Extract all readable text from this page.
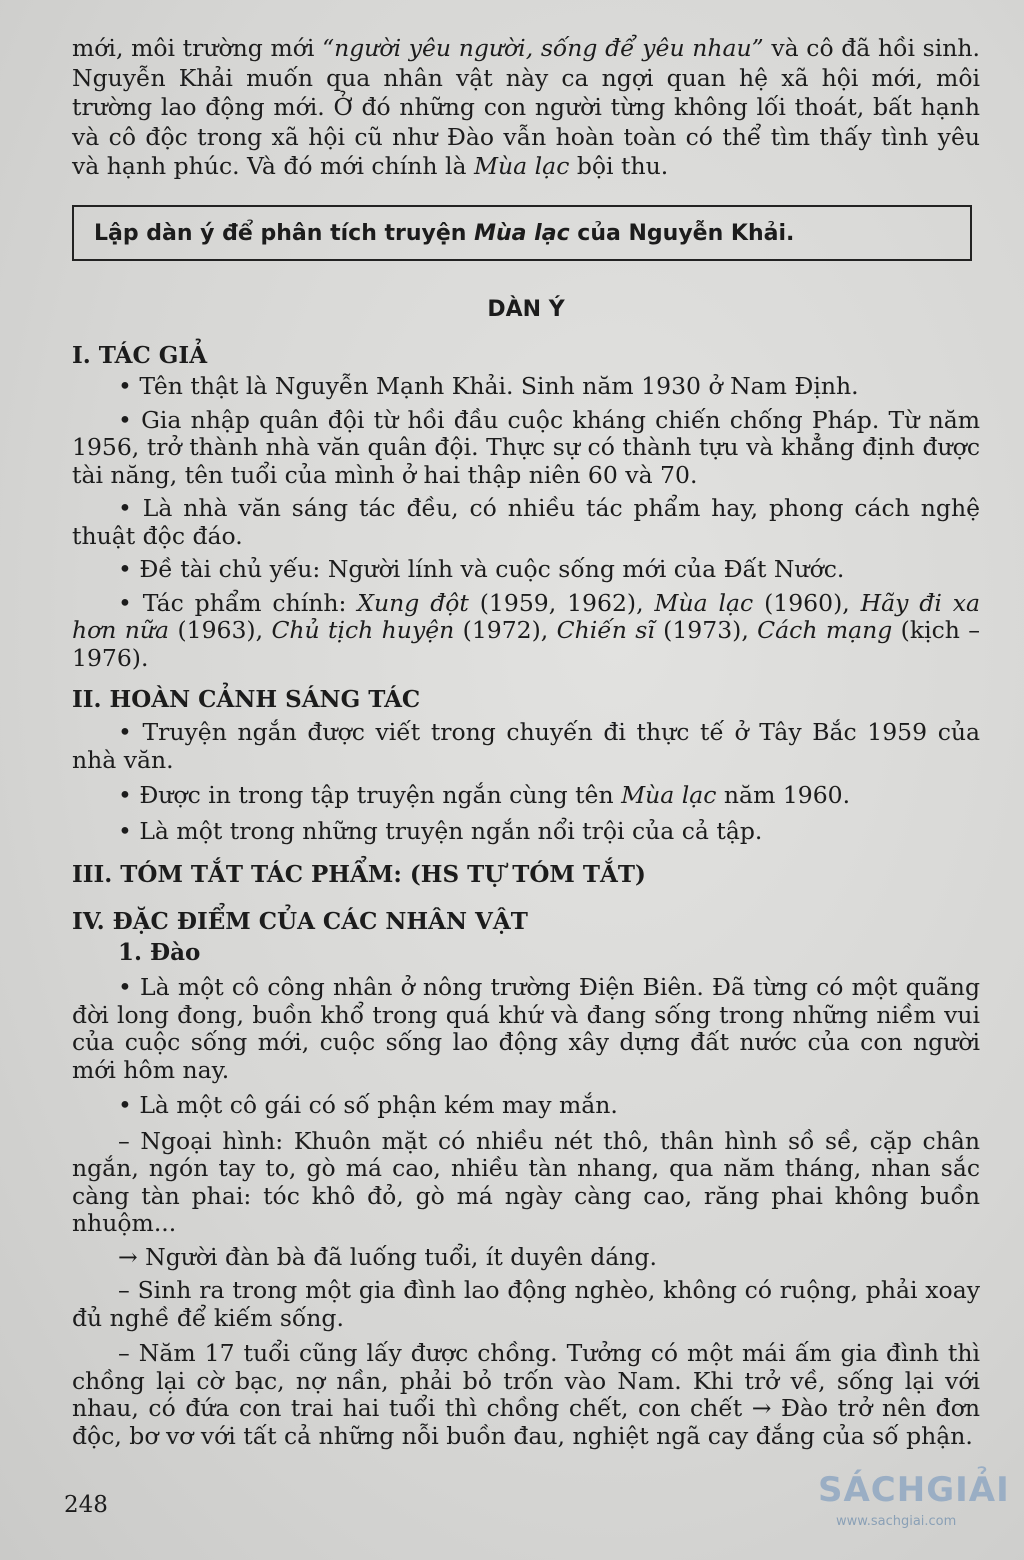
mới, môi trường mới “người yêu người, sống để yêu nhau” và cô đã hồi sinh. Nguyễn Khải muốn qua nhân vật này ca ngợi quan hệ xã hội mới, môi trường lao động mới. Ở đó những con người từng không lối thoát, bất hạnh và cô độc trong xã hội cũ như Đào vẫn hoàn toàn có thể tìm thấy tình yêu và hạnh phúc. Và đó mới chính là Mùa lạc bội thu.

Lập dàn ý để phân tích truyện Mùa lạc của Nguyễn Khải.

DÀN Ý

I. TÁC GIẢ

• Tên thật là Nguyễn Mạnh Khải. Sinh năm 1930 ở Nam Định.

• Gia nhập quân đội từ hồi đầu cuộc kháng chiến chống Pháp. Từ năm 1956, trở thành nhà văn quân đội. Thực sự có thành tựu và khẳng định được tài năng, tên tuổi của mình ở hai thập niên 60 và 70.

• Là nhà văn sáng tác đều, có nhiều tác phẩm hay, phong cách nghệ thuật độc đáo.

• Đề tài chủ yếu: Người lính và cuộc sống mới của Đất Nước.

• Tác phẩm chính: Xung đột (1959, 1962), Mùa lạc (1960), Hãy đi xa hơn nữa (1963), Chủ tịch huyện (1972), Chiến sĩ (1973), Cách mạng (kịch – 1976).

II. HOÀN CẢNH SÁNG TÁC

• Truyện ngắn được viết trong chuyến đi thực tế ở Tây Bắc 1959 của nhà văn.

• Được in trong tập truyện ngắn cùng tên Mùa lạc năm 1960.

• Là một trong những truyện ngắn nổi trội của cả tập.

III. TÓM TẮT TÁC PHẨM: (HS TỰ TÓM TẮT)
IV. ĐẶC ĐIỂM CỦA CÁC NHÂN VẬT
1. Đào

• Là một cô công nhân ở nông trường Điện Biên. Đã từng có một quãng đời long đong, buồn khổ trong quá khứ và đang sống trong những niềm vui của cuộc sống mới, cuộc sống lao động xây dựng đất nước của con người mới hôm nay.

• Là một cô gái có số phận kém may mắn.

– Ngoại hình: Khuôn mặt có nhiều nét thô, thân hình sồ sề, cặp chân ngắn, ngón tay to, gò má cao, nhiều tàn nhang, qua năm tháng, nhan sắc càng tàn phai: tóc khô đỏ, gò má ngày càng cao, răng phai không buồn nhuộm...

→ Người đàn bà đã luống tuổi, ít duyên dáng.

– Sinh ra trong một gia đình lao động nghèo, không có ruộng, phải xoay đủ nghề để kiếm sống.

– Năm 17 tuổi cũng lấy được chồng. Tưởng có một mái ấm gia đình thì chồng lại cờ bạc, nợ nần, phải bỏ trốn vào Nam. Khi trở về, sống lại với nhau, có đứa con trai hai tuổi thì chồng chết, con chết → Đào trở nên đơn độc, bơ vơ với tất cả những nỗi buồn đau, nghiệt ngã cay đắng của số phận.

248	SÁCHGIẢI
www.sachgiai.com
